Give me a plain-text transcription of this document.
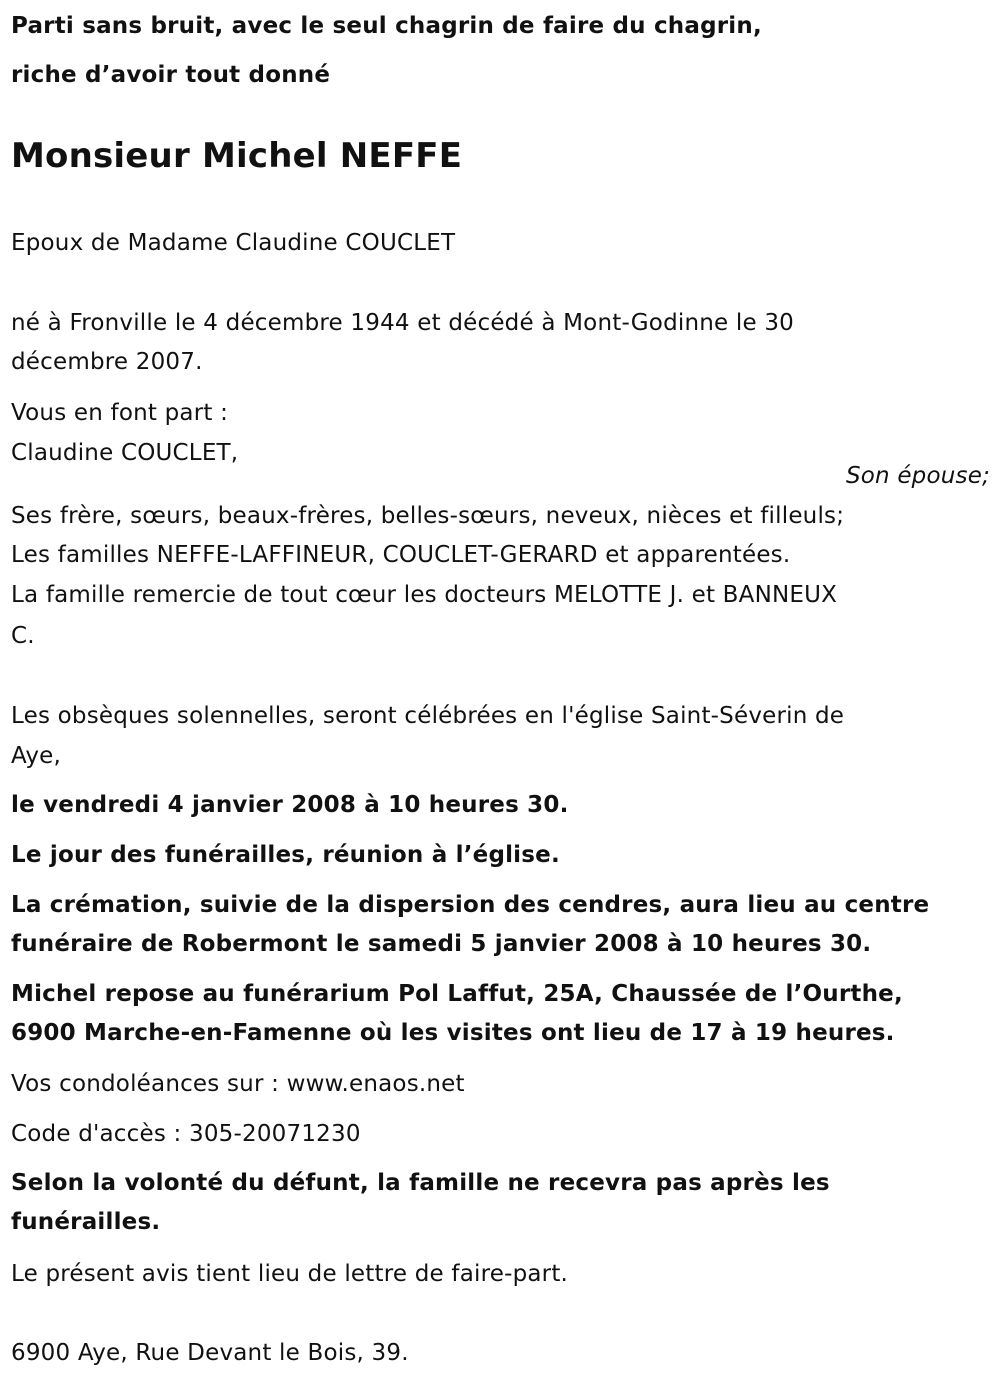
Parti sans bruit, avec le seul chagrin de faire du chagrin,
riche d’avoir tout donné
Monsieur Michel NEFFE
Epoux de Madame Claudine COUCLET
né à Fronville le 4 décembre 1944 et décédé à Mont-Godinne le 30
décembre 2007.
Vous en font part :
Claudine COUCLET,
Son épouse;
Ses frère, sœurs, beaux-frères, belles-sœurs, neveux, nièces et filleuls;
Les familles NEFFE-LAFFINEUR, COUCLET-GERARD et apparentées.
La famille remercie de tout cœur les docteurs MELOTTE J. et BANNEUX
C.
Les obsèques solennelles, seront célébrées en l'église Saint-Séverin de
Aye,
le vendredi 4 janvier 2008 à 10 heures 30.
Le jour des funérailles, réunion à l’église.
La crémation, suivie de la dispersion des cendres, aura lieu au centre
funéraire de Robermont le samedi 5 janvier 2008 à 10 heures 30.
Michel repose au funérarium Pol Laffut, 25A, Chaussée de l’Ourthe,
6900 Marche-en-Famenne où les visites ont lieu de 17 à 19 heures.
Vos condoléances sur : www.enaos.net
Code d'accès : 305-20071230
Selon la volonté du défunt, la famille ne recevra pas après les
funérailles.
Le présent avis tient lieu de lettre de faire-part.
6900 Aye, Rue Devant le Bois, 39.
